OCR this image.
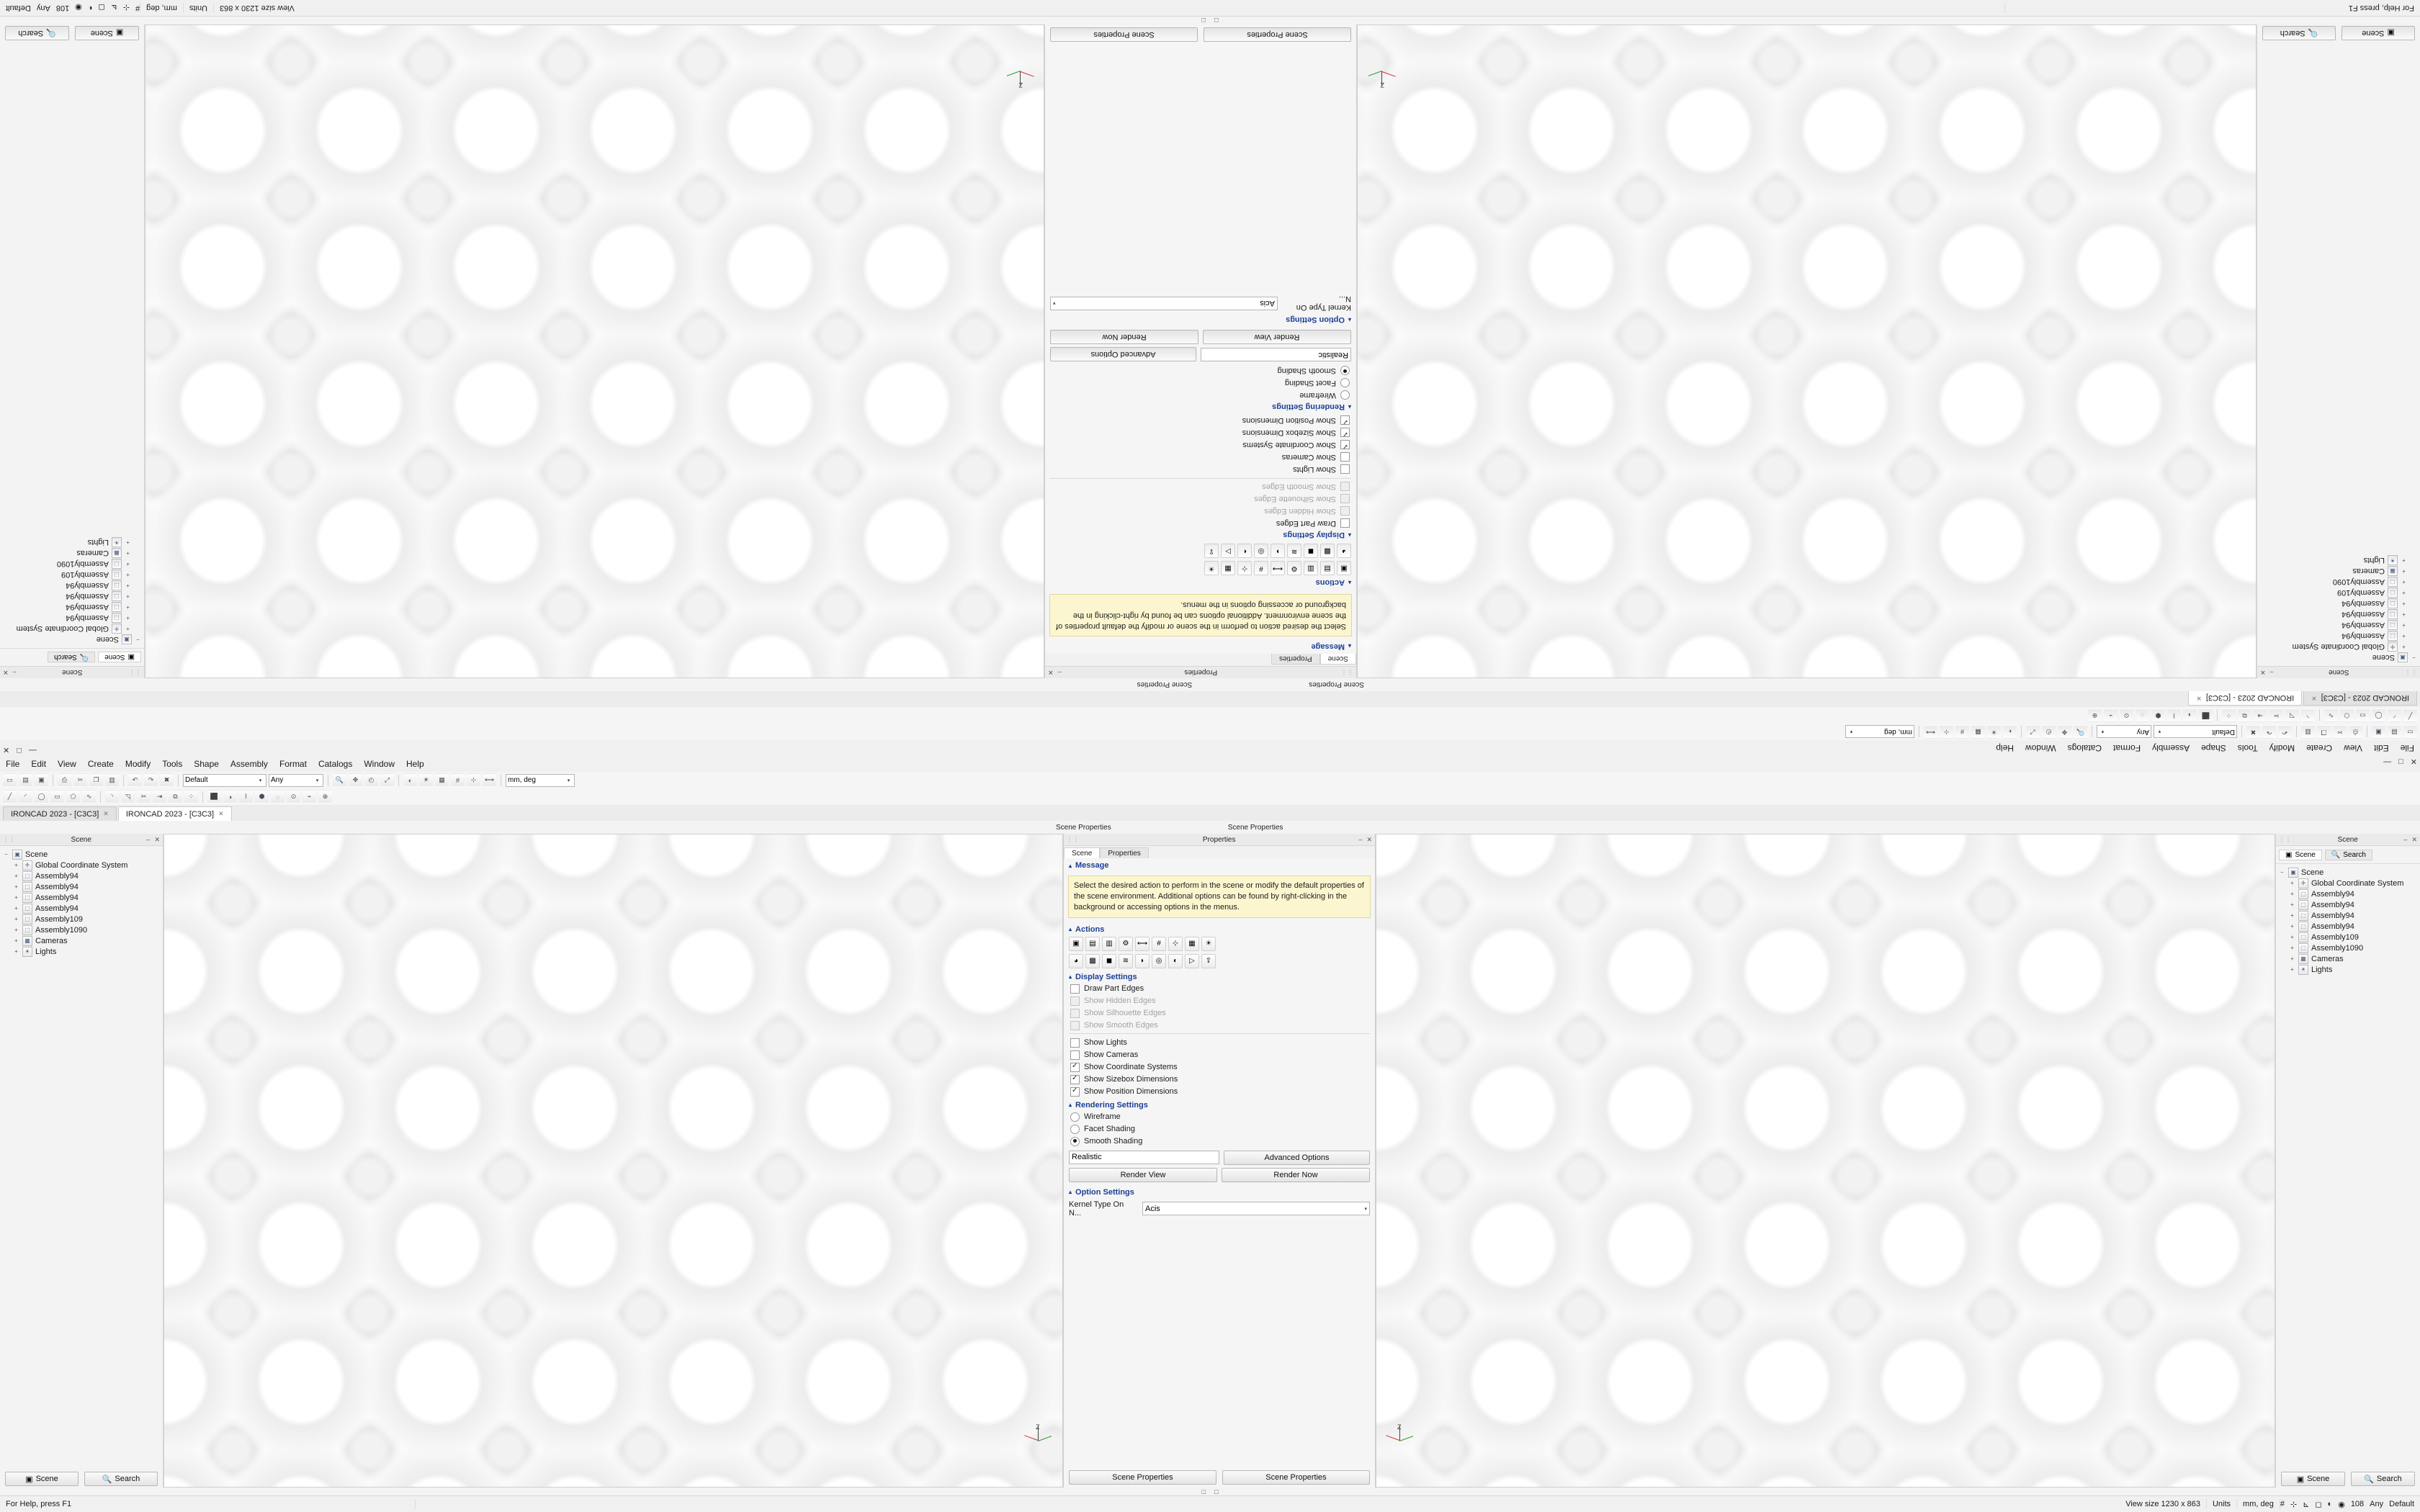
File	Edit	View	Create	Modify	Tools	Shape	Assembly	Format	Catalogs	Window	Help	— □ ✕
▭	▤	▣	⎙	✂	❐	▥	↶	↷	✖	Default	▾	Any	▾	🔍	✥	◴	⤢	◐	☀	▦	#	⊹	⟷	mm, deg	▾
╱	◜	◯	▭	⬠	∿	◝	◹	✂	⇥	⧉	⁘	⬛	◑	⌇	⬢	◌	⊙	⌁	⊕
IRONCAD 2023 - [C3C3] ✕ IRONCAD 2023 - [C3C3] ✕
Scene Properties	Scene Properties
⋮⋮	Scene	– ✕
−	▣ Scene
+	✛ Global Coordinate System
+	⬚ Assembly94
+	⬚ Assembly94
+	⬚ Assembly94
+	⬚ Assembly94
+	⬚ Assembly109
+	⬚ Assembly1090
+	▦ Cameras
+	☀ Lights
▣ Scene	🔍 Search
Z
⋮⋮	Properties	– ✕
Scene	Properties
▴ Message
Select the desired action to perform in the scene or modify the default properties of the scene environment. Additional options can be found by right-clicking in the background or accessing options in the menus.
▴ Actions
▣	▤	▥	⚙	⟷	#	⊹	▦	☀
◕	▩	◼	≋	◗	◎	◐	▷	⇪
▴ Display Settings
Draw Part Edges
Show Hidden Edges
Show Silhouette Edges
Show Smooth Edges
Show Lights
Show Cameras
✓
Show Coordinate Systems
✓
Show Sizebox Dimensions
✓
Show Position Dimensions
▴ Rendering Settings
Wireframe
Facet Shading
Smooth Shading
Realistic	Advanced Options
Render View	Render Now
▴ Option Settings
Kernel Type On N...	Acis	▾
Scene Properties	Scene Properties
Z
⋮⋮	Scene	– ✕
▣ Scene 🔍 Search
−	▣ Scene
+	✛ Global Coordinate System
+	⬚ Assembly94
+	⬚ Assembly94
+	⬚ Assembly94
+	⬚ Assembly94
+	⬚ Assembly109
+	⬚ Assembly1090
+	▦ Cameras
+	☀ Lights
▣ Scene	🔍 Search
□ □
For Help, press F1	View size 1230 x 863	Units	mm, deg # ⊹ ⊾ ◻ ◐ ◉ 108 Any Default
File
Edit
View
Create
Modify
Tools
Shape
Assembly
Format
Catalogs
Window
Help
—
□
✕
▭
▤
▣
⎙
✂
❐
▥
↶
↷
✖
Default
▾
Any
▾
🔍
✥
◴
⤢
◐
☀
▦
#
⊹
⟷
mm, deg
▾
╱
◜
◯
▭
⬠
∿
◝
◹
✂
⇥
⧉
⁘
⬛
◑
⌇
⬢
◌
⊙
⌁
⊕
IRONCAD 2023 - [C3C3]
✕
IRONCAD 2023 - [C3C3]
✕
Scene Properties
Scene Properties
⋮⋮
Scene
–
✕
−
▣
Scene
+
✛
Global Coordinate System
+
⬚
Assembly94
+
⬚
Assembly94
+
⬚
Assembly94
+
⬚
Assembly94
+
⬚
Assembly109
+
⬚
Assembly1090
+
▦
Cameras
+
☀
Lights
▣
Scene
🔍
Search
Z
⋮⋮
Properties
–
✕
Scene
Properties
▴
Message
Select the desired action to perform in the scene or modify the default properties of the scene environment. Additional options can be found by right-clicking in the background or accessing options in the menus.
▴
Actions
▣
▤
▥
⚙
⟷
#
⊹
▦
☀
◕
▩
◼
≋
◗
◎
◐
▷
⇪
▴
Display Settings
Draw Part Edges
Show Hidden Edges
Show Silhouette Edges
Show Smooth Edges
Show Lights
Show Cameras
✓
Show Coordinate Systems
✓
Show Sizebox Dimensions
✓
Show Position Dimensions
▴
Rendering Settings
Wireframe
Facet Shading
Smooth Shading
Realistic
Advanced Options
Render View
Render Now
▴
Option Settings
Kernel Type On N...
Acis
▾
Scene Properties
Scene Properties
Z
⋮⋮
Scene
–
✕
▣
Scene
🔍
Search
−
▣
Scene
+
✛
Global Coordinate System
+
⬚
Assembly94
+
⬚
Assembly94
+
⬚
Assembly94
+
⬚
Assembly94
+
⬚
Assembly109
+
⬚
Assembly1090
+
▦
Cameras
+
☀
Lights
▣
Scene
🔍
Search
□
□
For Help, press F1
View size 1230 x 863
Units
mm, deg
#
⊹
⊾
◻
◐
◉
108
Any
Default
